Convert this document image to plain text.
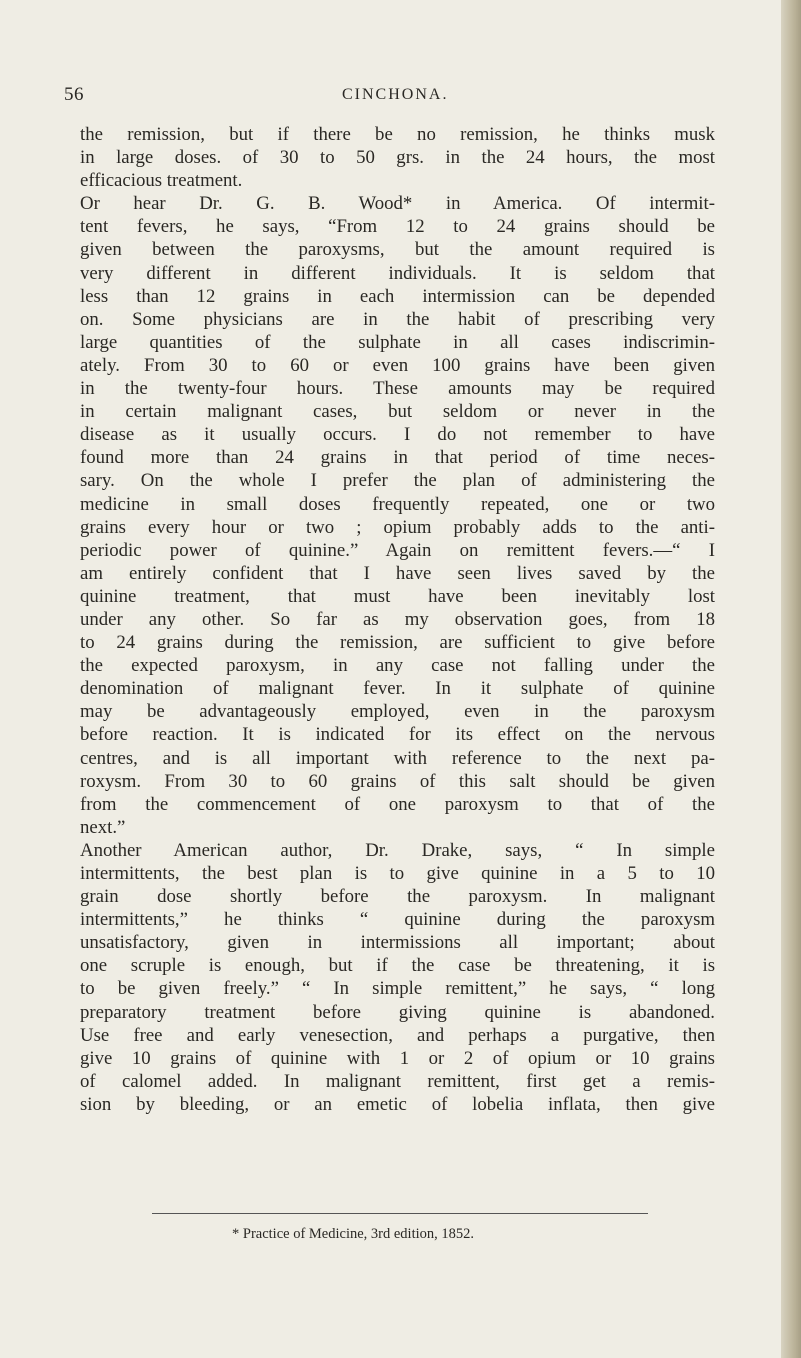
56	CINCHONA.
the remission, but if there be no remission, he thinks musk
in large doses. of 30 to 50 grs. in the 24 hours, the most
efficacious treatment.
Or hear Dr. G. B. Wood* in America. Of intermit-
tent fevers, he says, “From 12 to 24 grains should be
given between the paroxysms, but the amount required is
very different in different individuals. It is seldom that
less than 12 grains in each intermission can be depended
on. Some physicians are in the habit of prescribing very
large quantities of the sulphate in all cases indiscrimin-
ately. From 30 to 60 or even 100 grains have been given
in the twenty-four hours. These amounts may be required
in certain malignant cases, but seldom or never in the
disease as it usually occurs. I do not remember to have
found more than 24 grains in that period of time neces-
sary. On the whole I prefer the plan of administering the
medicine in small doses frequently repeated, one or two
grains every hour or two ; opium probably adds to the anti-
periodic power of quinine.” Again on remittent fevers.—“ I
am entirely confident that I have seen lives saved by the
quinine treatment, that must have been inevitably lost
under any other. So far as my observation goes, from 18
to 24 grains during the remission, are sufficient to give before
the expected paroxysm, in any case not falling under the
denomination of malignant fever. In it sulphate of quinine
may be advantageously employed, even in the paroxysm
before reaction. It is indicated for its effect on the nervous
centres, and is all important with reference to the next pa-
roxysm. From 30 to 60 grains of this salt should be given
from the commencement of one paroxysm to that of the
next.”
Another American author, Dr. Drake, says, “ In simple
intermittents, the best plan is to give quinine in a 5 to 10
grain dose shortly before the paroxysm. In malignant
intermittents,” he thinks “ quinine during the paroxysm
unsatisfactory, given in intermissions all important; about
one scruple is enough, but if the case be threatening, it is
to be given freely.” “ In simple remittent,” he says, “ long
preparatory treatment before giving quinine is abandoned.
Use free and early venesection, and perhaps a purgative, then
give 10 grains of quinine with 1 or 2 of opium or 10 grains
of calomel added. In malignant remittent, first get a remis-
sion by bleeding, or an emetic of lobelia inflata, then give
* Practice of Medicine, 3rd edition, 1852.
